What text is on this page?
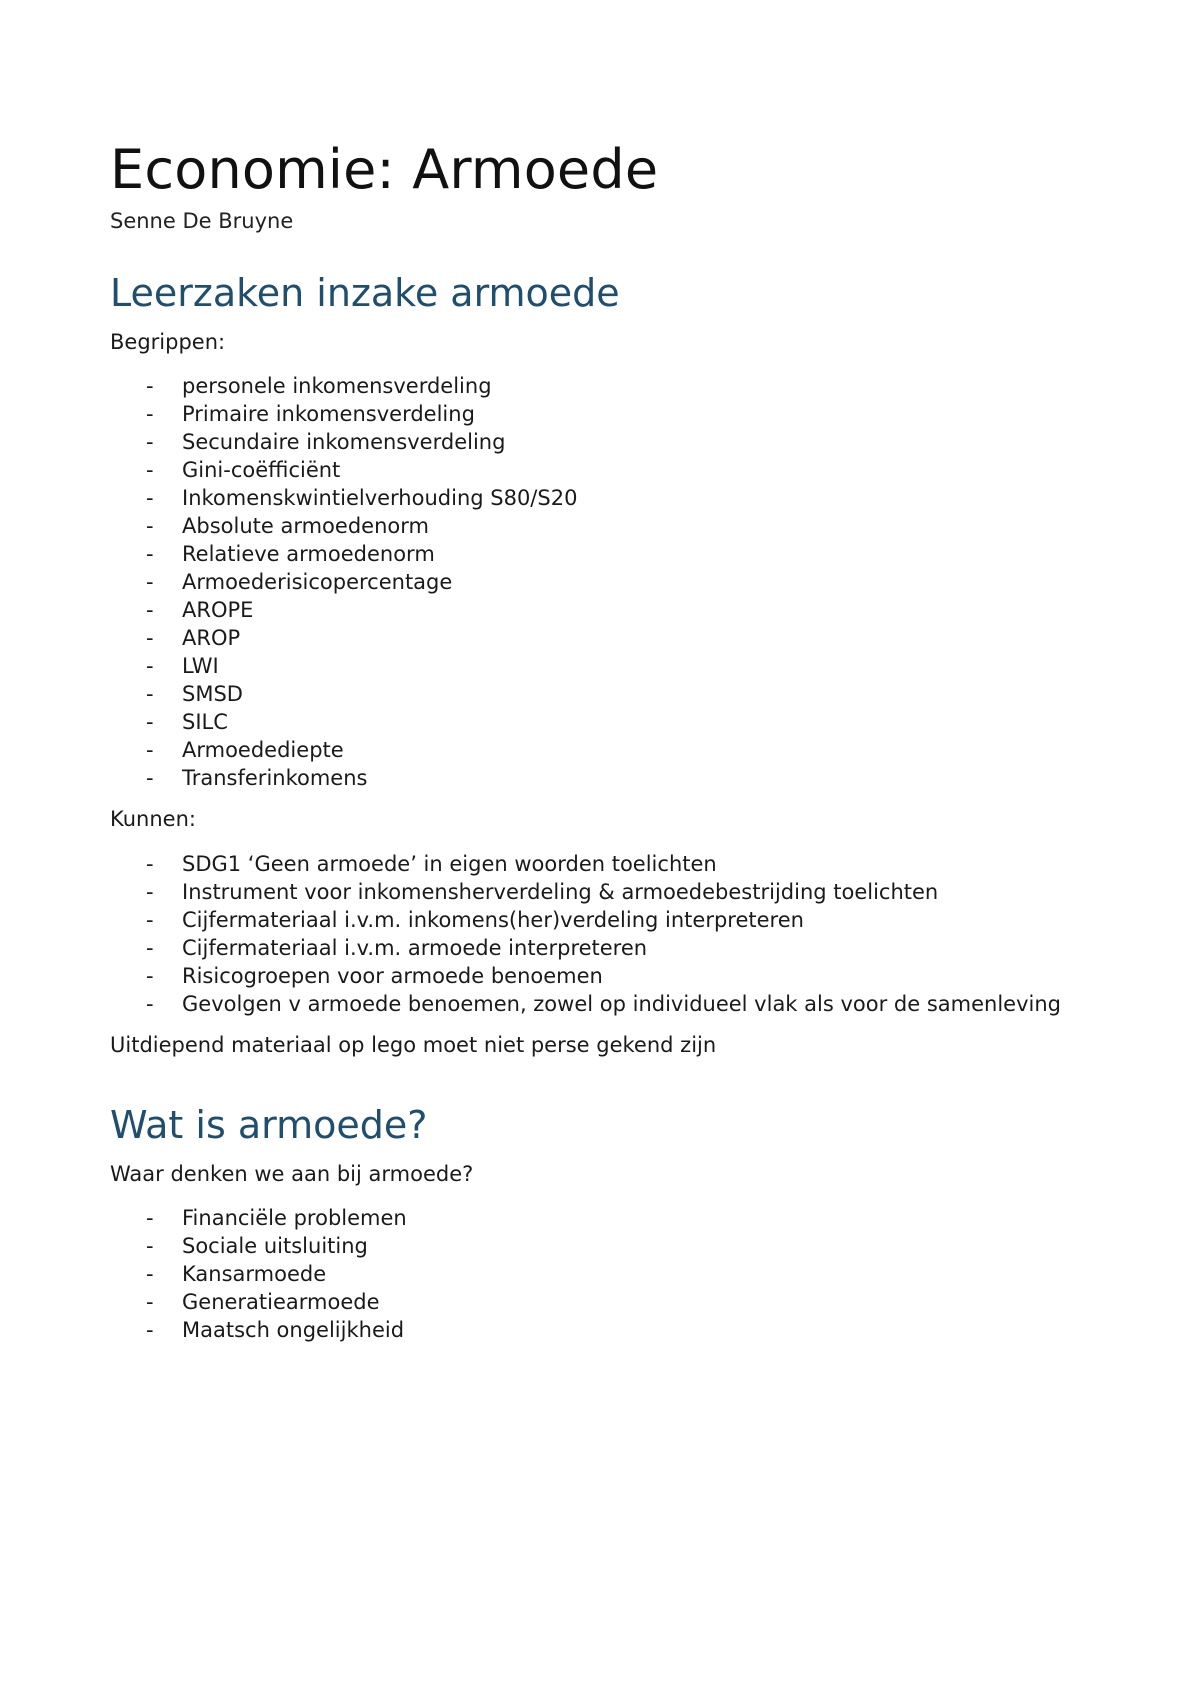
Economie: Armoede
Senne De Bruyne
Leerzaken inzake armoede
Begrippen:
- personele inkomensverdeling
- Primaire inkomensverdeling
- Secundaire inkomensverdeling
- Gini-coëfficiënt
- Inkomenskwintielverhouding S80/S20
- Absolute armoedenorm
- Relatieve armoedenorm
- Armoederisicopercentage
- AROPE
- AROP
- LWI
- SMSD
- SILC
- Armoedediepte
- Transferinkomens
Kunnen:
- SDG1 ‘Geen armoede’ in eigen woorden toelichten
- Instrument voor inkomensherverdeling & armoedebestrijding toelichten
- Cijfermateriaal i.v.m. inkomens(her)verdeling interpreteren
- Cijfermateriaal i.v.m. armoede interpreteren
- Risicogroepen voor armoede benoemen
- Gevolgen v armoede benoemen, zowel op individueel vlak als voor de samenleving
Uitdiepend materiaal op lego moet niet perse gekend zijn
Wat is armoede?
Waar denken we aan bij armoede?
- Financiële problemen
- Sociale uitsluiting
- Kansarmoede
- Generatiearmoede
- Maatsch ongelijkheid
